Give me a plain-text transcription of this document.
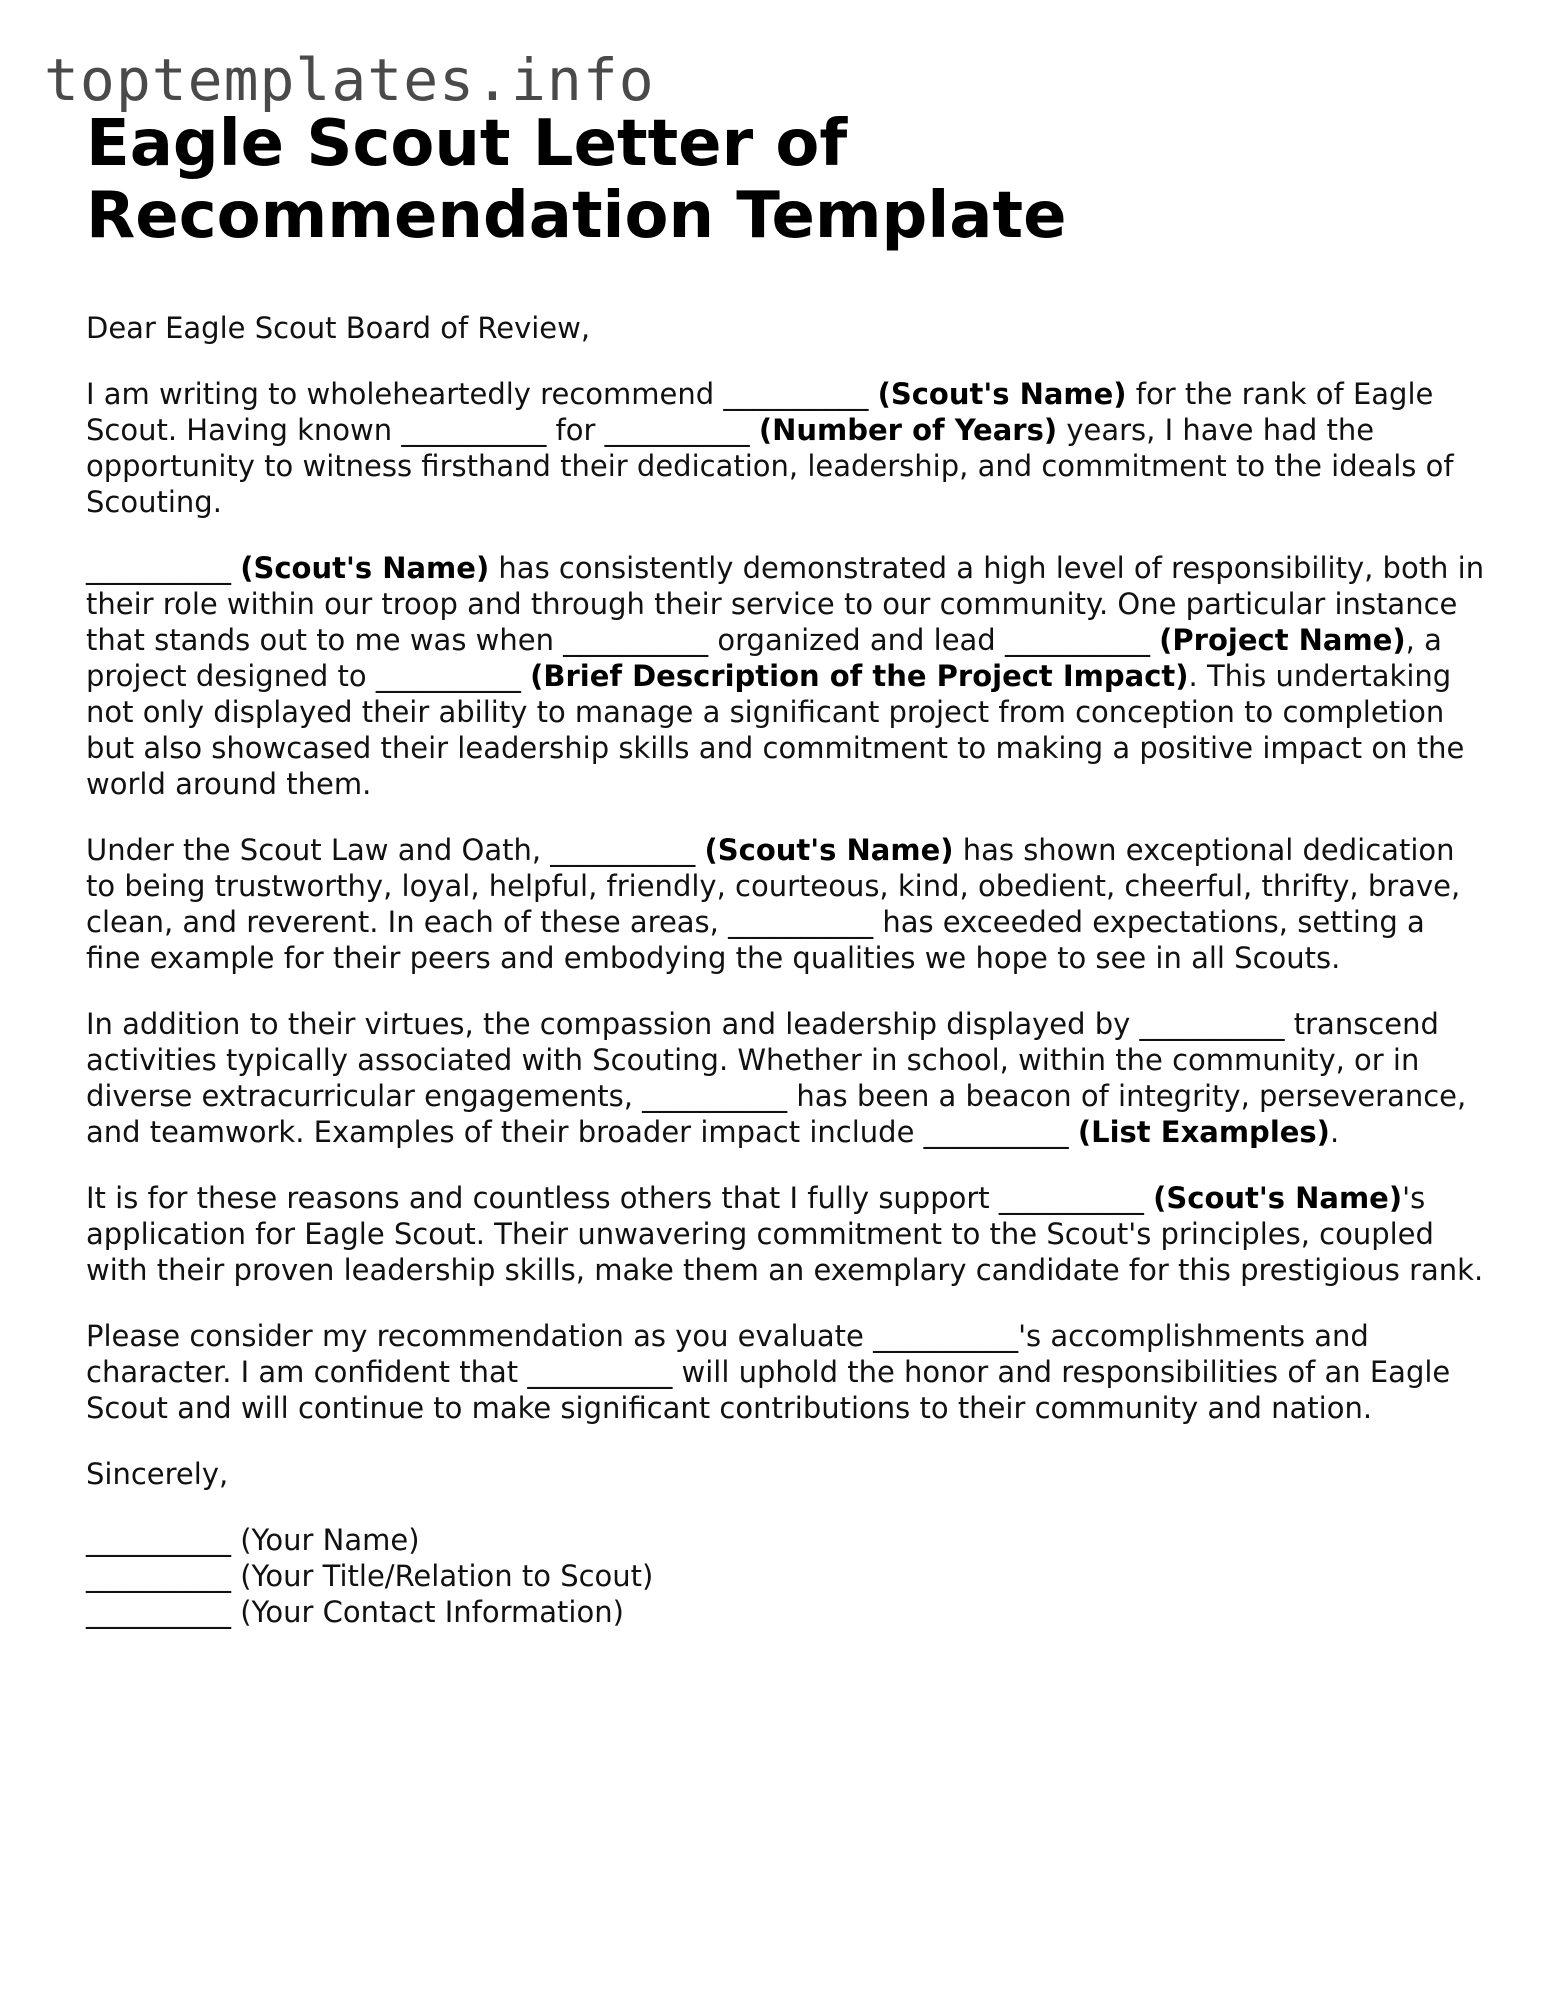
toptemplates.info
Eagle Scout Letter of Recommendation Template
Dear Eagle Scout Board of Review,

I am writing to wholeheartedly recommend __________ (Scout's Name) for the rank of Eagle Scout. Having known __________ for __________ (Number of Years) years, I have had the opportunity to witness firsthand their dedication, leadership, and commitment to the ideals of Scouting.

__________ (Scout's Name) has consistently demonstrated a high level of responsibility, both in their role within our troop and through their service to our community. One particular instance that stands out to me was when __________ organized and lead __________ (Project Name), a project designed to __________ (Brief Description of the Project Impact). This undertaking not only displayed their ability to manage a significant project from conception to completion but also showcased their leadership skills and commitment to making a positive impact on the world around them.

Under the Scout Law and Oath, __________ (Scout's Name) has shown exceptional dedication to being trustworthy, loyal, helpful, friendly, courteous, kind, obedient, cheerful, thrifty, brave, clean, and reverent. In each of these areas, __________ has exceeded expectations, setting a fine example for their peers and embodying the qualities we hope to see in all Scouts.

In addition to their virtues, the compassion and leadership displayed by __________ transcend activities typically associated with Scouting. Whether in school, within the community, or in diverse extracurricular engagements, __________ has been a beacon of integrity, perseverance, and teamwork. Examples of their broader impact include __________ (List Examples).

It is for these reasons and countless others that I fully support __________ (Scout's Name)'s application for Eagle Scout. Their unwavering commitment to the Scout's principles, coupled with their proven leadership skills, make them an exemplary candidate for this prestigious rank.

Please consider my recommendation as you evaluate __________'s accomplishments and character. I am confident that __________ will uphold the honor and responsibilities of an Eagle Scout and will continue to make significant contributions to their community and nation.

Sincerely,
__________ (Your Name)
__________ (Your Title/Relation to Scout)
__________ (Your Contact Information)
